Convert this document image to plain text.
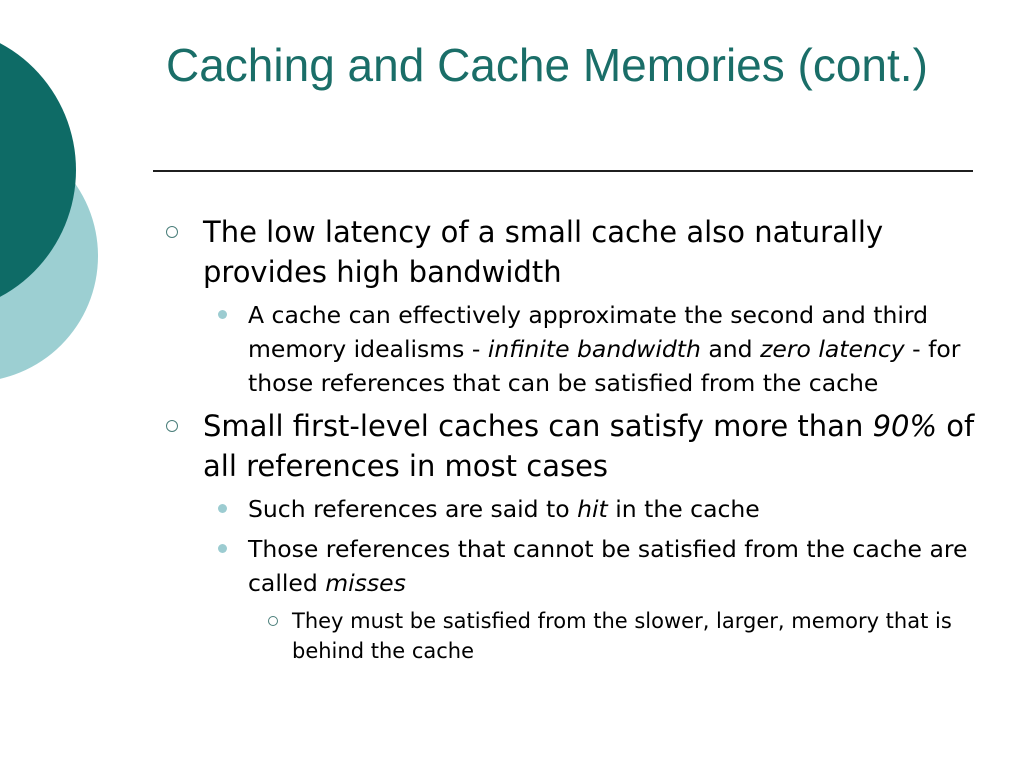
Caching and Cache Memories (cont.)
The low latency of a small cache also naturally provides high bandwidth
A cache can effectively approximate the second and third memory idealisms - infinite bandwidth and zero latency - for those references that can be satisfied from the cache
Small first-level caches can satisfy more than 90% of all references in most cases
Such references are said to hit in the cache
Those references that cannot be satisfied from the cache are called misses
They must be satisfied from the slower, larger, memory that is behind the cache
